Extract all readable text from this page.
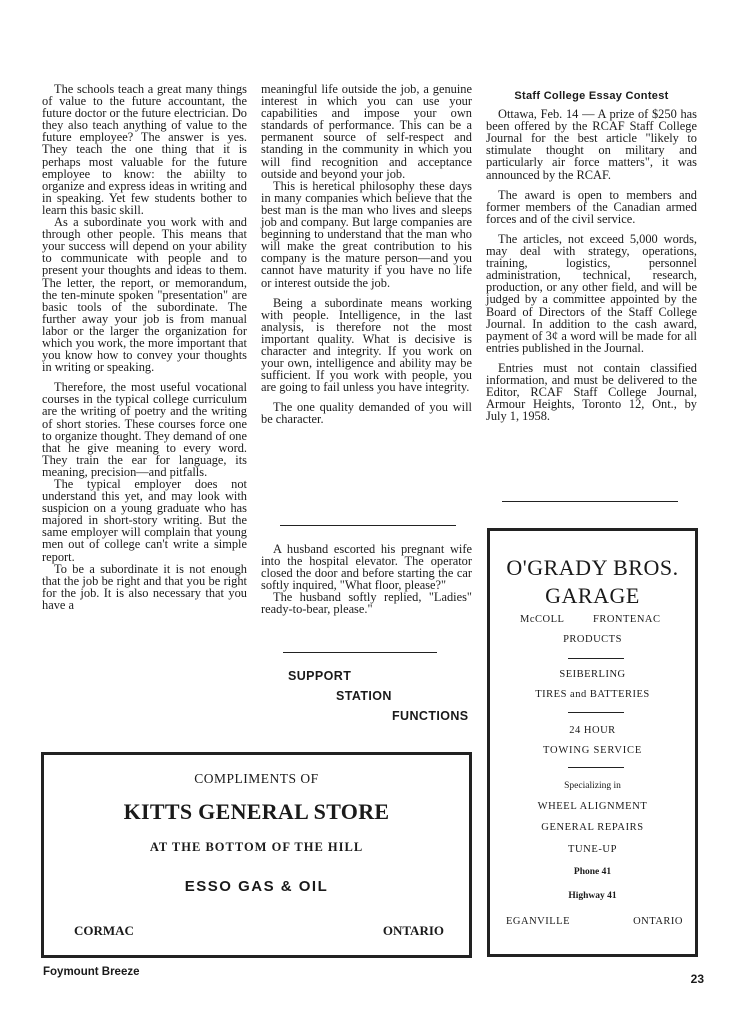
The schools teach a great many things of value to the future accountant, the future doctor or the future electrician. Do they also teach anything of value to the future employee? The answer is yes. They teach the one thing that it is perhaps most valuable for the future employee to know: the abiilty to organize and express ideas in writing and in speaking. Yet few students bother to learn this basic skill.

As a subordinate you work with and through other people. This means that your success will depend on your ability to communicate with people and to present your thoughts and ideas to them. The letter, the report, or memorandum, the ten-minute spoken "presentation" are basic tools of the subordinate. The further away your job is from manual labor or the larger the organization for which you work, the more important that you know how to convey your thoughts in writing or speaking.

Therefore, the most useful vocational courses in the typical college curriculum are the writing of poetry and the writing of short stories. These courses force one to organize thought. They demand of one that he give meaning to every word. They train the ear for language, its meaning, precision—and pitfalls.

The typical employer does not understand this yet, and may look with suspicion on a young graduate who has majored in short-story writing. But the same employer will complain that young men out of college can't write a simple report.

To be a subordinate it is not enough that the job be right and that you be right for the job. It is also necessary that you have a

meaningful life outside the job, a genuine interest in which you can use your capabilities and impose your own standards of performance. This can be a permanent source of self-respect and standing in the community in which you will find recognition and acceptance outside and beyond your job.

This is heretical philosophy these days in many companies which believe that the best man is the man who lives and sleeps job and company. But large companies are beginning to understand that the man who will make the great contribution to his company is the mature person—and you cannot have maturity if you have no life or interest outside the job.

Being a subordinate means working with people. Intelligence, in the last analysis, is therefore not the most important quality. What is decisive is character and integrity. If you work on your own, intelligence and ability may be sufficient. If you work with people, you are going to fail unless you have integrity.

The one quality demanded of you will be character.

A husband escorted his pregnant wife into the hospital elevator. The operator closed the door and before starting the car softly inquired, "What floor, please?"

The husband softly replied, "Ladies" ready-to-bear, please."

SUPPORT
STATION
FUNCTIONS
Staff College Essay Contest

Ottawa, Feb. 14 — A prize of $250 has been offered by the RCAF Staff College Journal for the best article "likely to stimulate thought on military and particularly air force matters", it was announced by the RCAF.

The award is open to members and former members of the Canadian armed forces and of the civil service.

The articles, not exceed 5,000 words, may deal with strategy, operations, training, logistics, personnel administration, technical, research, production, or any other field, and will be judged by a committee appointed by the Board of Directors of the Staff College Journal. In addition to the cash award, payment of 3¢ a word will be made for all entries published in the Journal.

Entries must not contain classified information, and must be delivered to the Editor, RCAF Staff College Journal, Armour Heights, Toronto 12, Ont., by July 1, 1958.

COMPLIMENTS OF
KITTS GENERAL STORE
AT THE BOTTOM OF THE HILL
ESSO GAS & OIL
CORMAC	ONTARIO
O'GRADY BROS.
GARAGE
McCOLL	FRONTENAC
PRODUCTS
SEIBERLING
TIRES and BATTERIES
24 HOUR
TOWING SERVICE
Specializing in
WHEEL ALIGNMENT
GENERAL REPAIRS
TUNE-UP
Phone 41
Highway 41
EGANVILLE	ONTARIO
Foymount Breeze	23
